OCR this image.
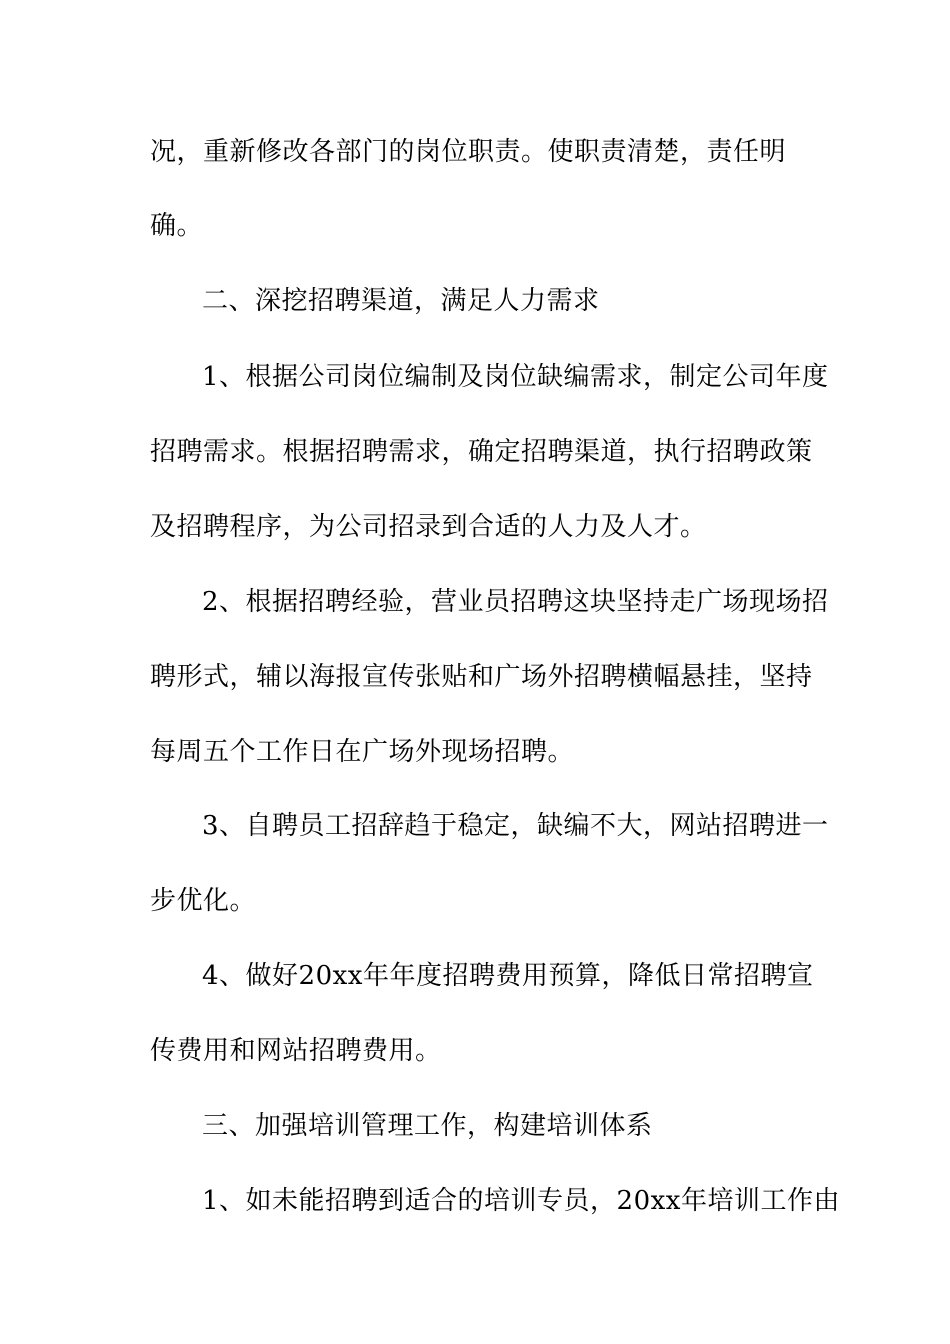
况，重新修改各部门的岗位职责。使职责清楚，责任明
确。
二、深挖招聘渠道，满足人力需求
1、根据公司岗位编制及岗位缺编需求，制定公司年度
招聘需求。根据招聘需求，确定招聘渠道，执行招聘政策
及招聘程序，为公司招录到合适的人力及人才。
2、根据招聘经验，营业员招聘这块坚持走广场现场招
聘形式，辅以海报宣传张贴和广场外招聘横幅悬挂，坚持
每周五个工作日在广场外现场招聘。
3、自聘员工招辞趋于稳定，缺编不大，网站招聘进一
步优化。
4、做好20xx年年度招聘费用预算，降低日常招聘宣
传费用和网站招聘费用。
三、加强培训管理工作，构建培训体系
1、如未能招聘到适合的培训专员，20xx年培训工作由
